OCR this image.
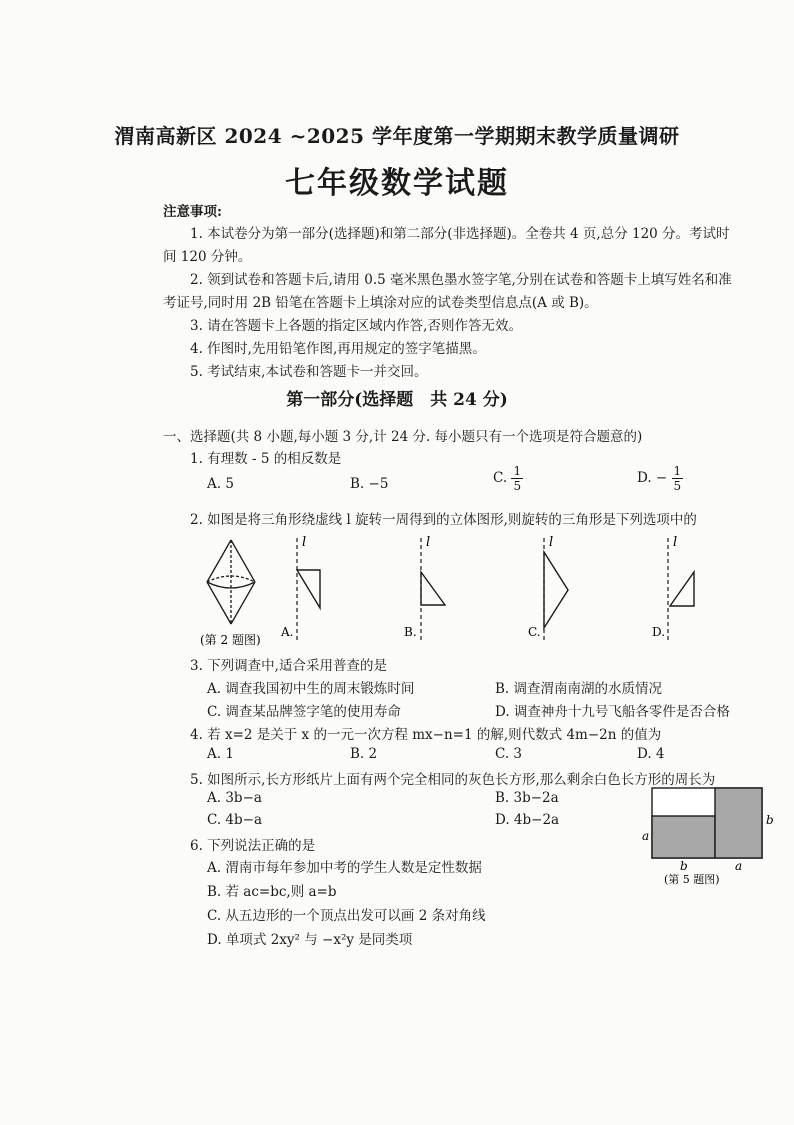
渭南高新区 2024 ~2025 学年度第一学期期末教学质量调研
七年级数学试题
注意事项:
1. 本试卷分为第一部分(选择题)和第二部分(非选择题)。全卷共 4 页,总分 120 分。考试时
间 120 分钟。
2. 领到试卷和答题卡后,请用 0.5 毫米黑色墨水签字笔,分别在试卷和答题卡上填写姓名和准
考证号,同时用 2B 铅笔在答题卡上填涂对应的试卷类型信息点(A 或 B)。
3. 请在答题卡上各题的指定区域内作答,否则作答无效。
4. 作图时,先用铅笔作图,再用规定的签字笔描黑。
5. 考试结束,本试卷和答题卡一并交回。
第一部分(选择题　共 24 分)
一、选择题(共 8 小题,每小题 3 分,计 24 分. 每小题只有一个选项是符合题意的)
1. 有理数 - 5 的相反数是
A. 5	B. −5	C. $\frac{1}{5}$	D. − $\frac{1}{5}$
2. 如图是将三角形绕虚线 l 旋转一周得到的立体图形,则旋转的三角形是下列选项中的
(第 2 题图)
l
A.
l
B.
l
C.
l
D.
3. 下列调查中,适合采用普查的是
A. 调查我国初中生的周末锻炼时间	B. 调查渭南南湖的水质情况
C. 调查某品牌签字笔的使用寿命	D. 调查神舟十九号飞船各零件是否合格
4. 若 x=2 是关于 x 的一元一次方程 mx−n=1 的解,则代数式 4m−2n 的值为
A. 1	B. 2	C. 3	D. 4
5. 如图所示,长方形纸片上面有两个完全相同的灰色长方形,那么剩余白色长方形的周长为
A. 3b−a	B. 3b−2a
C. 4b−a	D. 4b−2a
a
b
b	a
(第 5 题图)
6. 下列说法正确的是
A. 渭南市每年参加中考的学生人数是定性数据
B. 若 ac=bc,则 a=b
C. 从五边形的一个顶点出发可以画 2 条对角线
D. 单项式 2xy² 与 −x²y 是同类项
